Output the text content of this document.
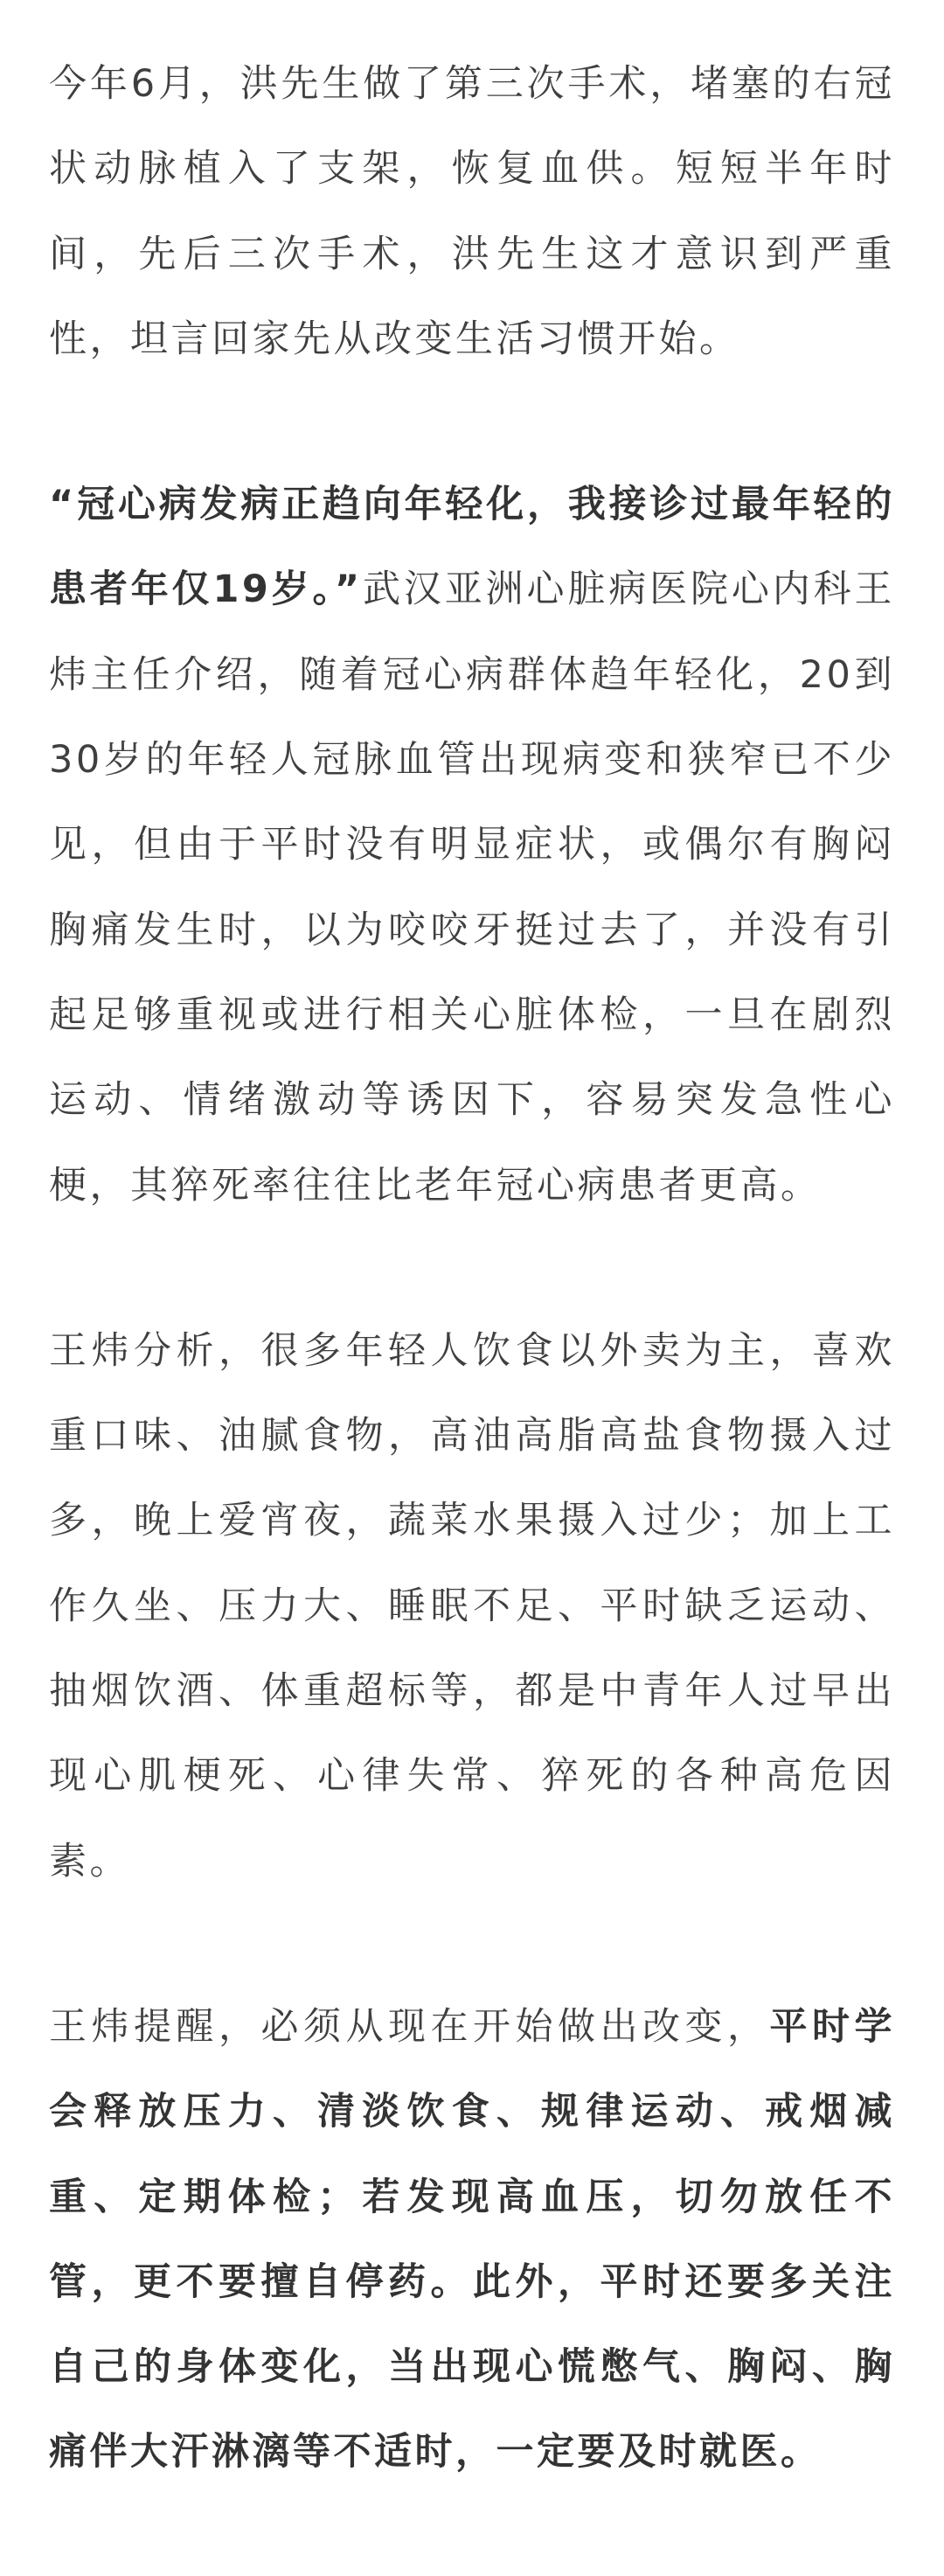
今年6月，洪先生做了第三次手术，堵塞的右冠状动脉植入了支架，恢复血供。短短半年时间，先后三次手术，洪先生这才意识到严重性，坦言回家先从改变生活习惯开始。

“冠心病发病正趋向年轻化，我接诊过最年轻的患者年仅19岁。”武汉亚洲心脏病医院心内科王炜主任介绍，随着冠心病群体趋年轻化，20到30岁的年轻人冠脉血管出现病变和狭窄已不少见，但由于平时没有明显症状，或偶尔有胸闷胸痛发生时，以为咬咬牙挺过去了，并没有引起足够重视或进行相关心脏体检，一旦在剧烈运动、情绪激动等诱因下，容易突发急性心梗，其猝死率往往比老年冠心病患者更高。

王炜分析，很多年轻人饮食以外卖为主，喜欢重口味、油腻食物，高油高脂高盐食物摄入过多，晚上爱宵夜，蔬菜水果摄入过少；加上工作久坐、压力大、睡眠不足、平时缺乏运动、抽烟饮酒、体重超标等，都是中青年人过早出现心肌梗死、心律失常、猝死的各种高危因素。

王炜提醒，必须从现在开始做出改变，平时学会释放压力、清淡饮食、规律运动、戒烟减重、定期体检；若发现高血压，切勿放任不管，更不要擅自停药。此外，平时还要多关注自己的身体变化，当出现心慌憋气、胸闷、胸痛伴大汗淋漓等不适时，一定要及时就医。
